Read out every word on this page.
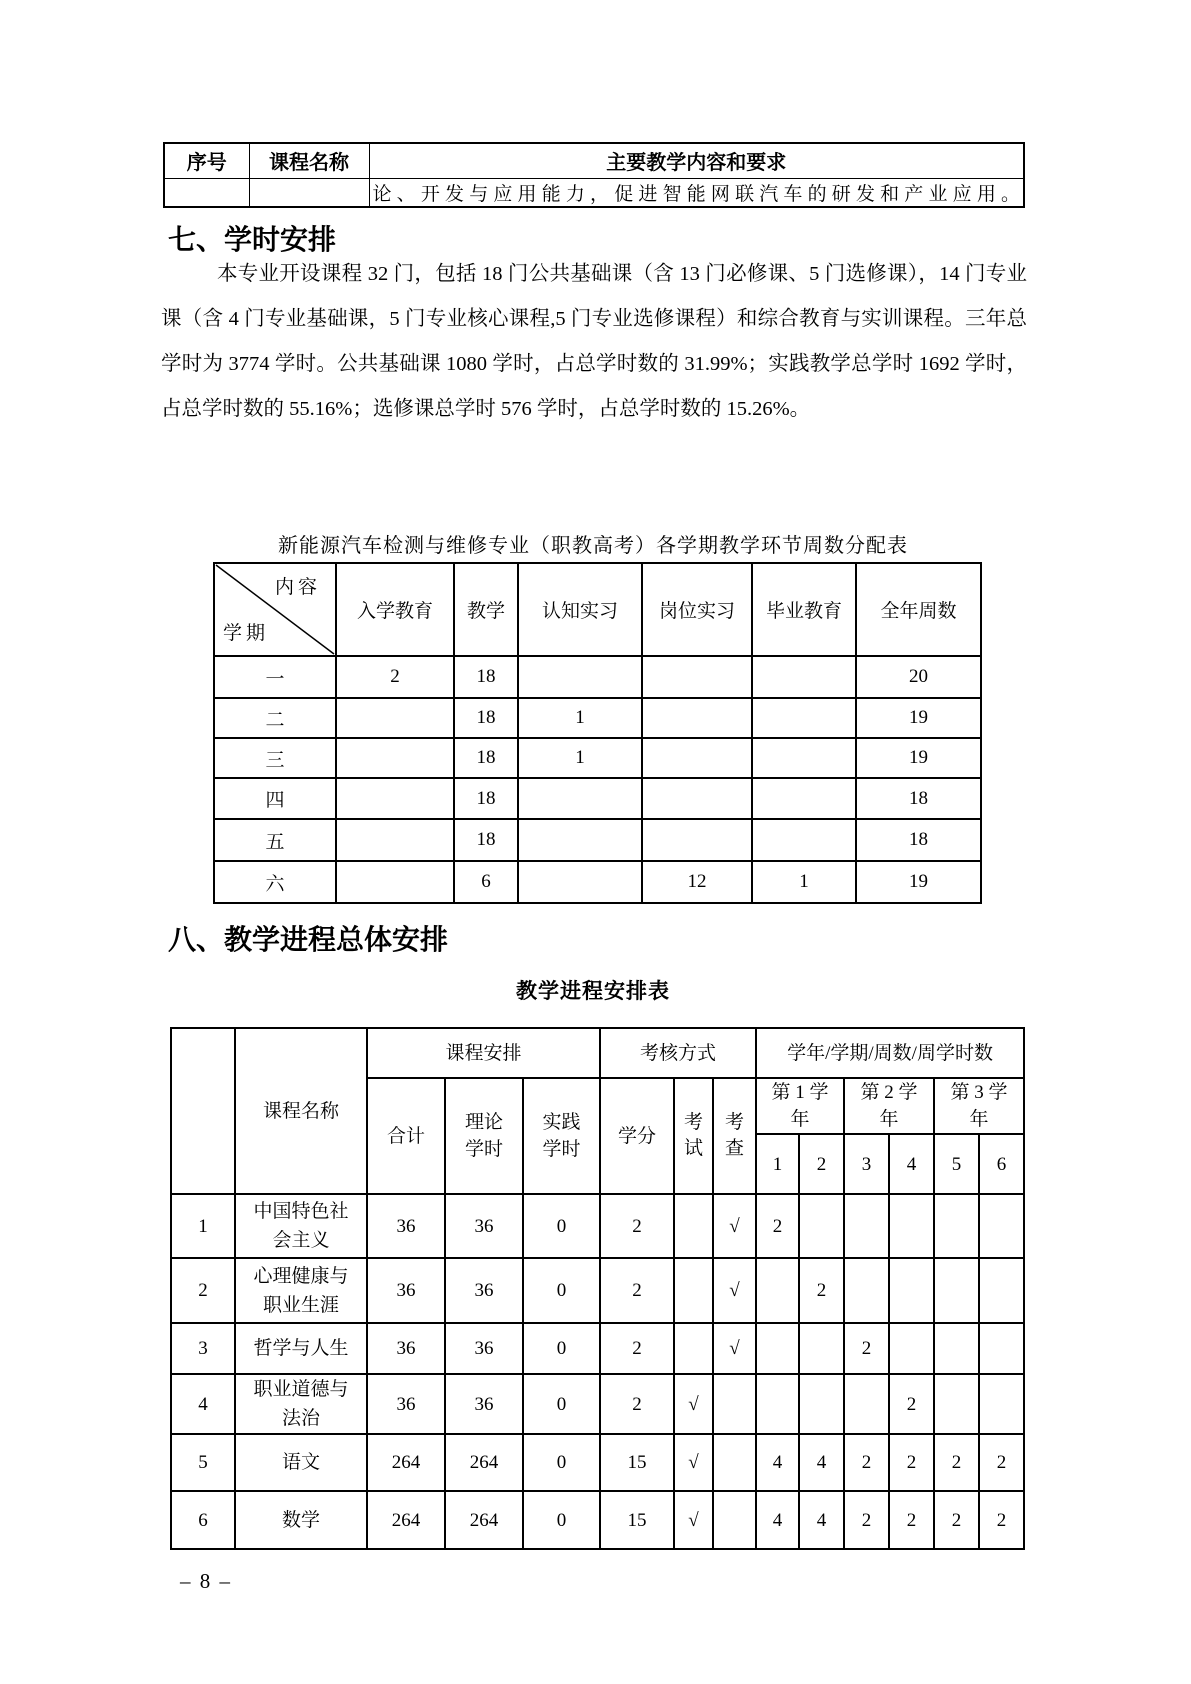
序号	课程名称	主要教学内容和要求
		论、开发与应用能力，促进智能网联汽车的研发和产业应用。
七、学时安排
本专业开设课程 32 门，包括 18 门公共基础课（含 13 门必修课、5 门选修课），14 门专业课（含 4 门专业基础课，5 门专业核心课程,5 门专业选修课程）和综合教育与实训课程。三年总学时为 3774 学时。公共基础课 1080 学时，占总学时数的 31.99%；实践教学总学时 1692 学时，占总学时数的 55.16%；选修课总学时 576 学时，占总学时数的 15.26%。
新能源汽车检测与维修专业（职教高考）各学期教学环节周数分配表
内容
学期	入学教育	教学	认知实习	岗位实习	毕业教育	全年周数
一	2	18				20
二		18	1			19
三		18	1			19
四		18				18
五		18				18
六		6		12	1	19
八、教学进程总体安排
教学进程安排表
	课程名称	课程安排			考核方式			学年/学期/周数/周学时数					
		合计	理论学时	实践学时	学分	考试	考查	第 1 学年		第 2 学年		第 3 学年	
								1	2	3	4	5	6
1	中国特色社会主义	36	36	0	2		√	2					
2	心理健康与职业生涯	36	36	0	2		√		2				
3	哲学与人生	36	36	0	2		√			2			
4	职业道德与法治	36	36	0	2	√					2		
5	语文	264	264	0	15	√		4	4	2	2	2	2
6	数学	264	264	0	15	√		4	4	2	2	2	2
– 8 –
